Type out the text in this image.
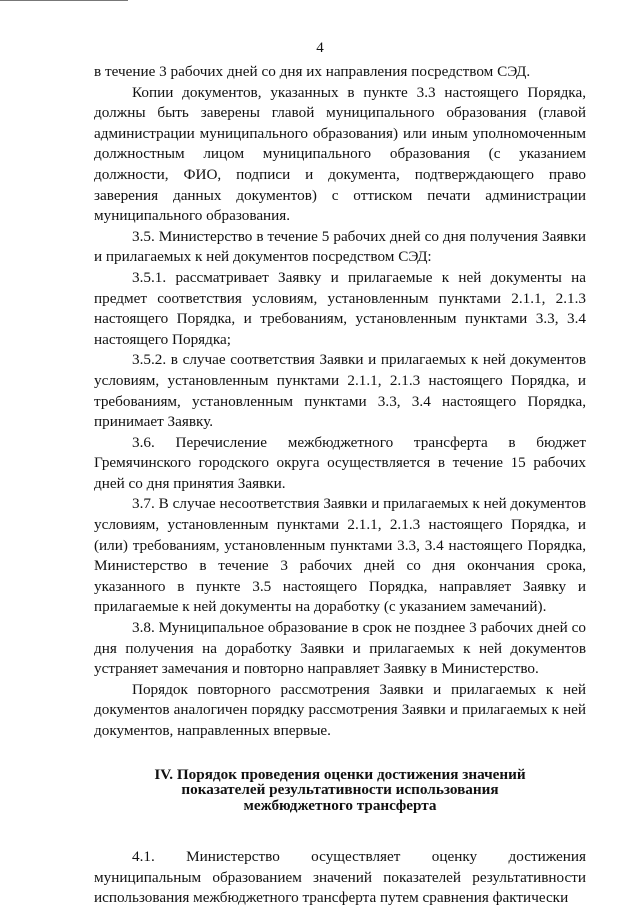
4

в течение 3 рабочих дней со дня их направления посредством СЭД.

Копии документов, указанных в пункте 3.3 настоящего Порядка, должны быть заверены главой муниципального образования (главой администрации муниципального образования) или иным уполномоченным должностным лицом муниципального образования (с указанием должности, ФИО, подписи и документа, подтверждающего право заверения данных документов) с оттиском печати администрации муниципального образования.

3.5. Министерство в течение 5 рабочих дней со дня получения Заявки и прилагаемых к ней документов посредством СЭД:

3.5.1. рассматривает Заявку и прилагаемые к ней документы на предмет соответствия условиям, установленным пунктами 2.1.1, 2.1.3 настоящего Порядка, и требованиям, установленным пунктами 3.3, 3.4 настоящего Порядка;

3.5.2. в случае соответствия Заявки и прилагаемых к ней документов условиям, установленным пунктами 2.1.1, 2.1.3 настоящего Порядка, и требованиям, установленным пунктами 3.3, 3.4 настоящего Порядка, принимает Заявку.

3.6. Перечисление межбюджетного трансферта в бюджет Гремячинского городского округа осуществляется в течение 15 рабочих дней со дня принятия Заявки.

3.7. В случае несоответствия Заявки и прилагаемых к ней документов условиям, установленным пунктами 2.1.1, 2.1.3 настоящего Порядка, и (или) требованиям, установленным пунктами 3.3, 3.4 настоящего Порядка, Министерство в течение 3 рабочих дней со дня окончания срока, указанного в пункте 3.5 настоящего Порядка, направляет Заявку и прилагаемые к ней документы на доработку (с указанием замечаний).

3.8. Муниципальное образование в срок не позднее 3 рабочих дней со дня получения на доработку Заявки и прилагаемых к ней документов устраняет замечания и повторно направляет Заявку в Министерство.

Порядок повторного рассмотрения Заявки и прилагаемых к ней документов аналогичен порядку рассмотрения Заявки и прилагаемых к ней документов, направленных впервые.

IV. Порядок проведения оценки достижения значений
показателей результативности использования
межбюджетного трансферта

4.1. Министерство осуществляет оценку достижения муниципальным образованием значений показателей результативности использования межбюджетного трансферта путем сравнения фактически
